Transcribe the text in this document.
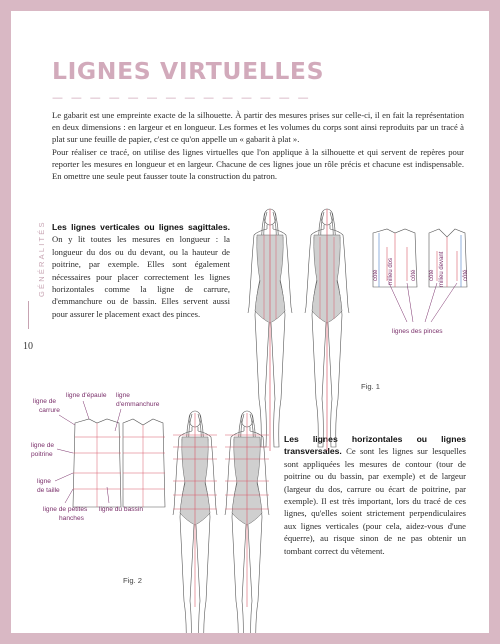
LIGNES VIRTUELLES
— — — — — — — — — — — — — —

Le gabarit est une empreinte exacte de la silhouette. À partir des mesures prises sur celle-ci, il en fait la représentation en deux dimensions : en largeur et en longueur. Les formes et les volumes du corps sont ainsi reproduits par un tracé à plat sur une feuille de papier, c'est ce qu'on appelle un « gabarit à plat ».

Pour réaliser ce tracé, on utilise des lignes virtuelles que l'on applique à la silhouette et qui servent de repères pour reporter les mesures en longueur et en largeur. Chacune de ces lignes joue un rôle précis et chacune est indispensable. En omettre une seule peut fausser toute la construction du patron.

GÉNÉRALITÉS
10
Les lignes verticales ou lignes sagittales. On y lit toutes les mesures en longueur : la longueur du dos ou du devant, ou la hauteur de poitrine, par exemple. Elles sont également nécessaires pour placer correctement les lignes horizontales comme la ligne de carrure, d'emmanchure ou de bassin. Elles servent aussi pour assurer le placement exact des pinces.
Les lignes horizontales ou lignes transversales. Ce sont les lignes sur lesquelles sont appliquées les mesures de contour (tour de poitrine ou du bassin, par exemple) et de largeur (largeur du dos, carrure ou écart de poitrine, par exemple). Il est très important, lors du tracé de ces lignes, qu'elles soient strictement perpendiculaires aux lignes verticales (pour cela, aidez-vous d'une équerre), au risque sinon de ne pas obtenir un tombant correct du vêtement.
côté milieu dos	côté côté milieu devant	côté
lignes des pinces
Fig. 1
ligne de
carrure
ligne d'épaule ligne
d'emmanchure
ligne de
poitrine
ligne
de taille
ligne de petites
hanches
ligne du bassin
Fig. 2
